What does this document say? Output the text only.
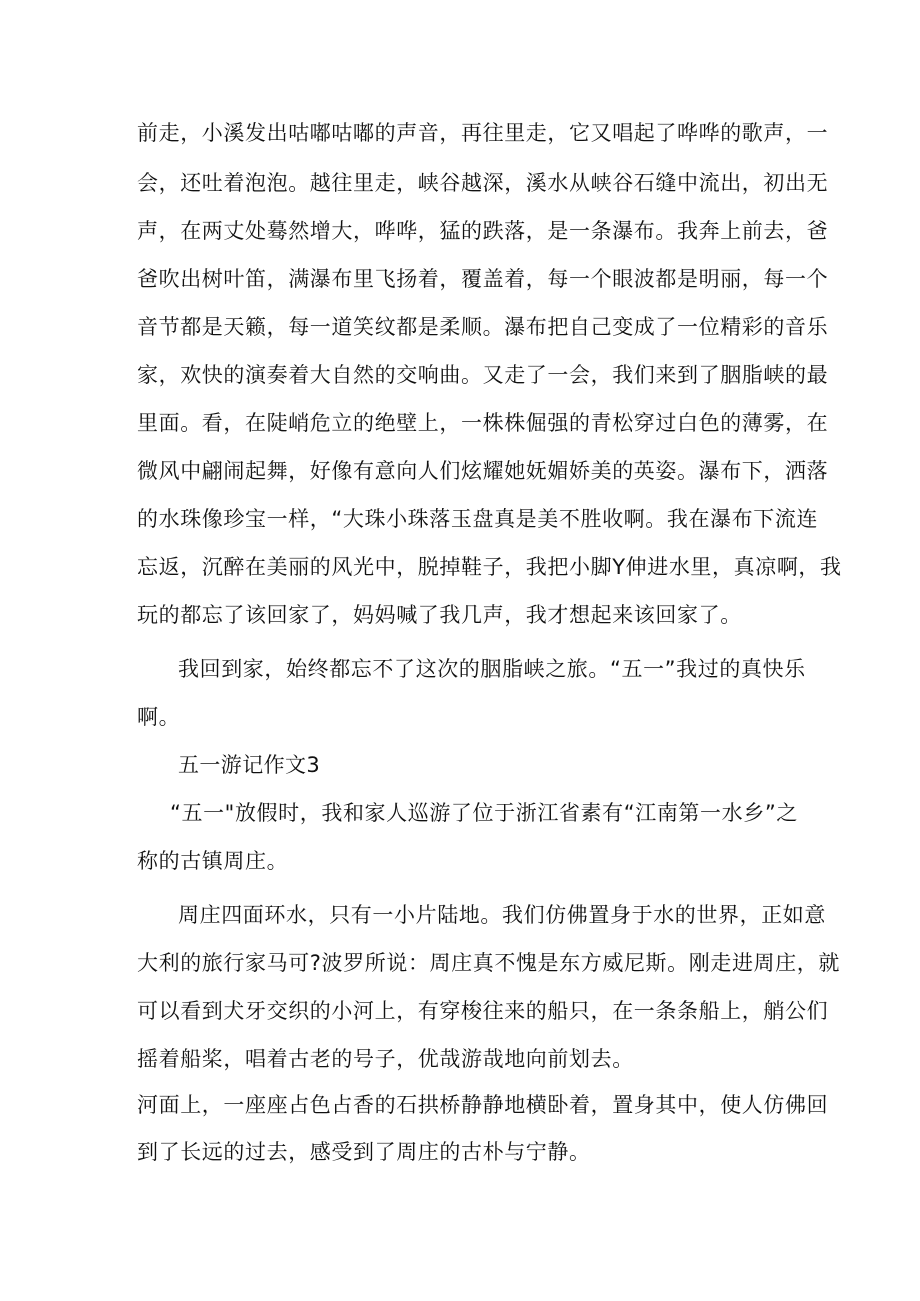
前走，小溪发出咕嘟咕嘟的声音，再往里走，它又唱起了哗哗的歌声，一

会，还吐着泡泡。越往里走，峡谷越深，溪水从峡谷石缝中流出，初出无

声，在两丈处蓦然增大，哗哗，猛的跌落，是一条瀑布。我奔上前去，爸

爸吹出树叶笛，满瀑布里飞扬着，覆盖着，每一个眼波都是明丽，每一个

音节都是天籁，每一道笑纹都是柔顺。瀑布把自己变成了一位精彩的音乐

家，欢快的演奏着大自然的交响曲。又走了一会，我们来到了胭脂峡的最

里面。看，在陡峭危立的绝壁上，一株株倔强的青松穿过白色的薄雾，在

微风中翩闹起舞，好像有意向人们炫耀她妩媚娇美的英姿。瀑布下，洒落

的水珠像珍宝一样，“大珠小珠落玉盘真是美不胜收啊。我在瀑布下流连

忘返，沉醉在美丽的风光中，脱掉鞋子，我把小脚Y伸进水里，真凉啊，我

玩的都忘了该回家了，妈妈喊了我几声，我才想起来该回家了。

我回到家，始终都忘不了这次的胭脂峡之旅。“五一”我过的真快乐

啊。

五一游记作文3

“五一"放假时，我和家人巡游了位于浙江省素有“江南第一水乡”之

称的古镇周庄。

周庄四面环水，只有一小片陆地。我们仿佛置身于水的世界，正如意

大利的旅行家马可?波罗所说：周庄真不愧是东方威尼斯。刚走进周庄，就

可以看到犬牙交织的小河上，有穿梭往来的船只，在一条条船上，艄公们

摇着船桨，唱着古老的号子，优哉游哉地向前划去。

河面上，一座座占色占香的石拱桥静静地横卧着，置身其中，使人仿佛回

到了长远的过去，感受到了周庄的古朴与宁静。
